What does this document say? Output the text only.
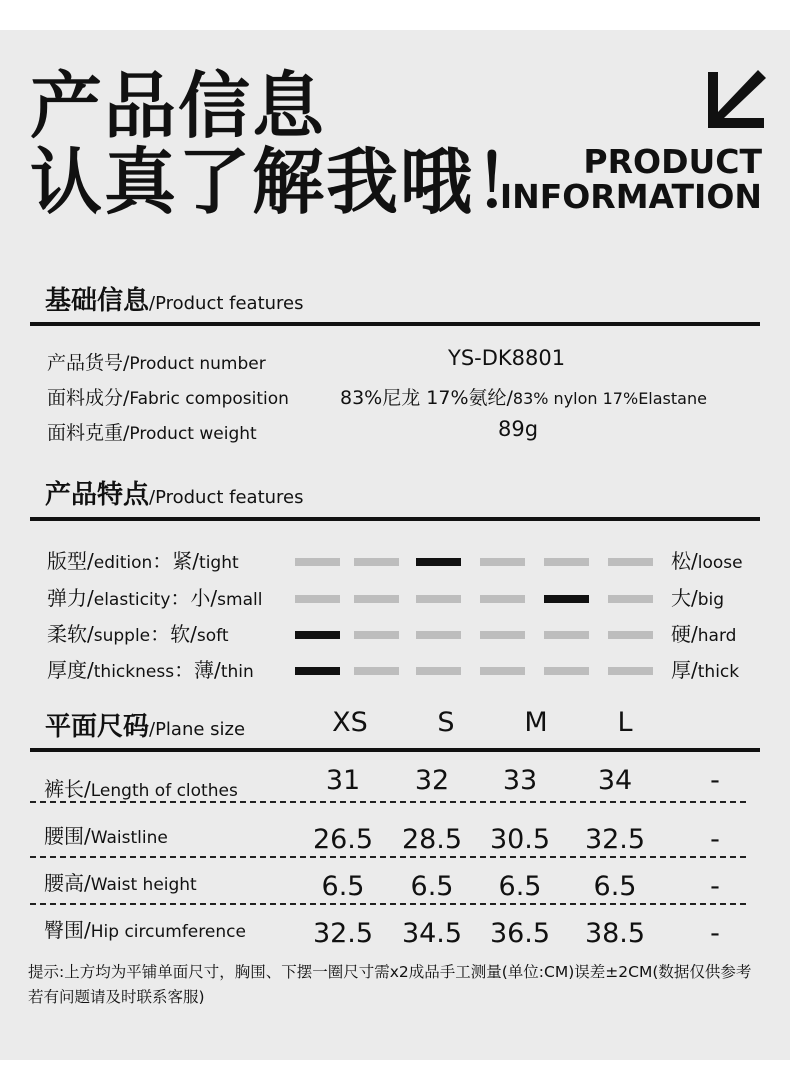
产品信息
认真了解我哦！	PRODUCT
INFORMATION
基础信息/Product features
产品货号/Product number	YS-DK8801
面料成分/Fabric composition	83%尼龙 17%氨纶/83% nylon 17%Elastane
面料克重/Product weight	89g
产品特点/Product features
平面尺码/Plane size	XS	S	M	L
提示:上方均为平铺单面尺寸，胸围、下摆一圈尺寸需x2成品手工测量(单位:CM)误差±2CM(数据仅供参考若有问题请及时联系客服)
版型/edition：紧/tight	松/loose
弹力/elasticity：小/small	大/big
柔软/supple：软/soft	硬/hard
厚度/thickness：薄/thin	厚/thick
裤长/Length of clothes	31	32	33	34	-
腰围/Waistline	26.5	28.5	30.5	32.5	-
腰高/Waist height	6.5	6.5	6.5	6.5	-
臀围/Hip circumference	32.5	34.5	36.5	38.5	-
